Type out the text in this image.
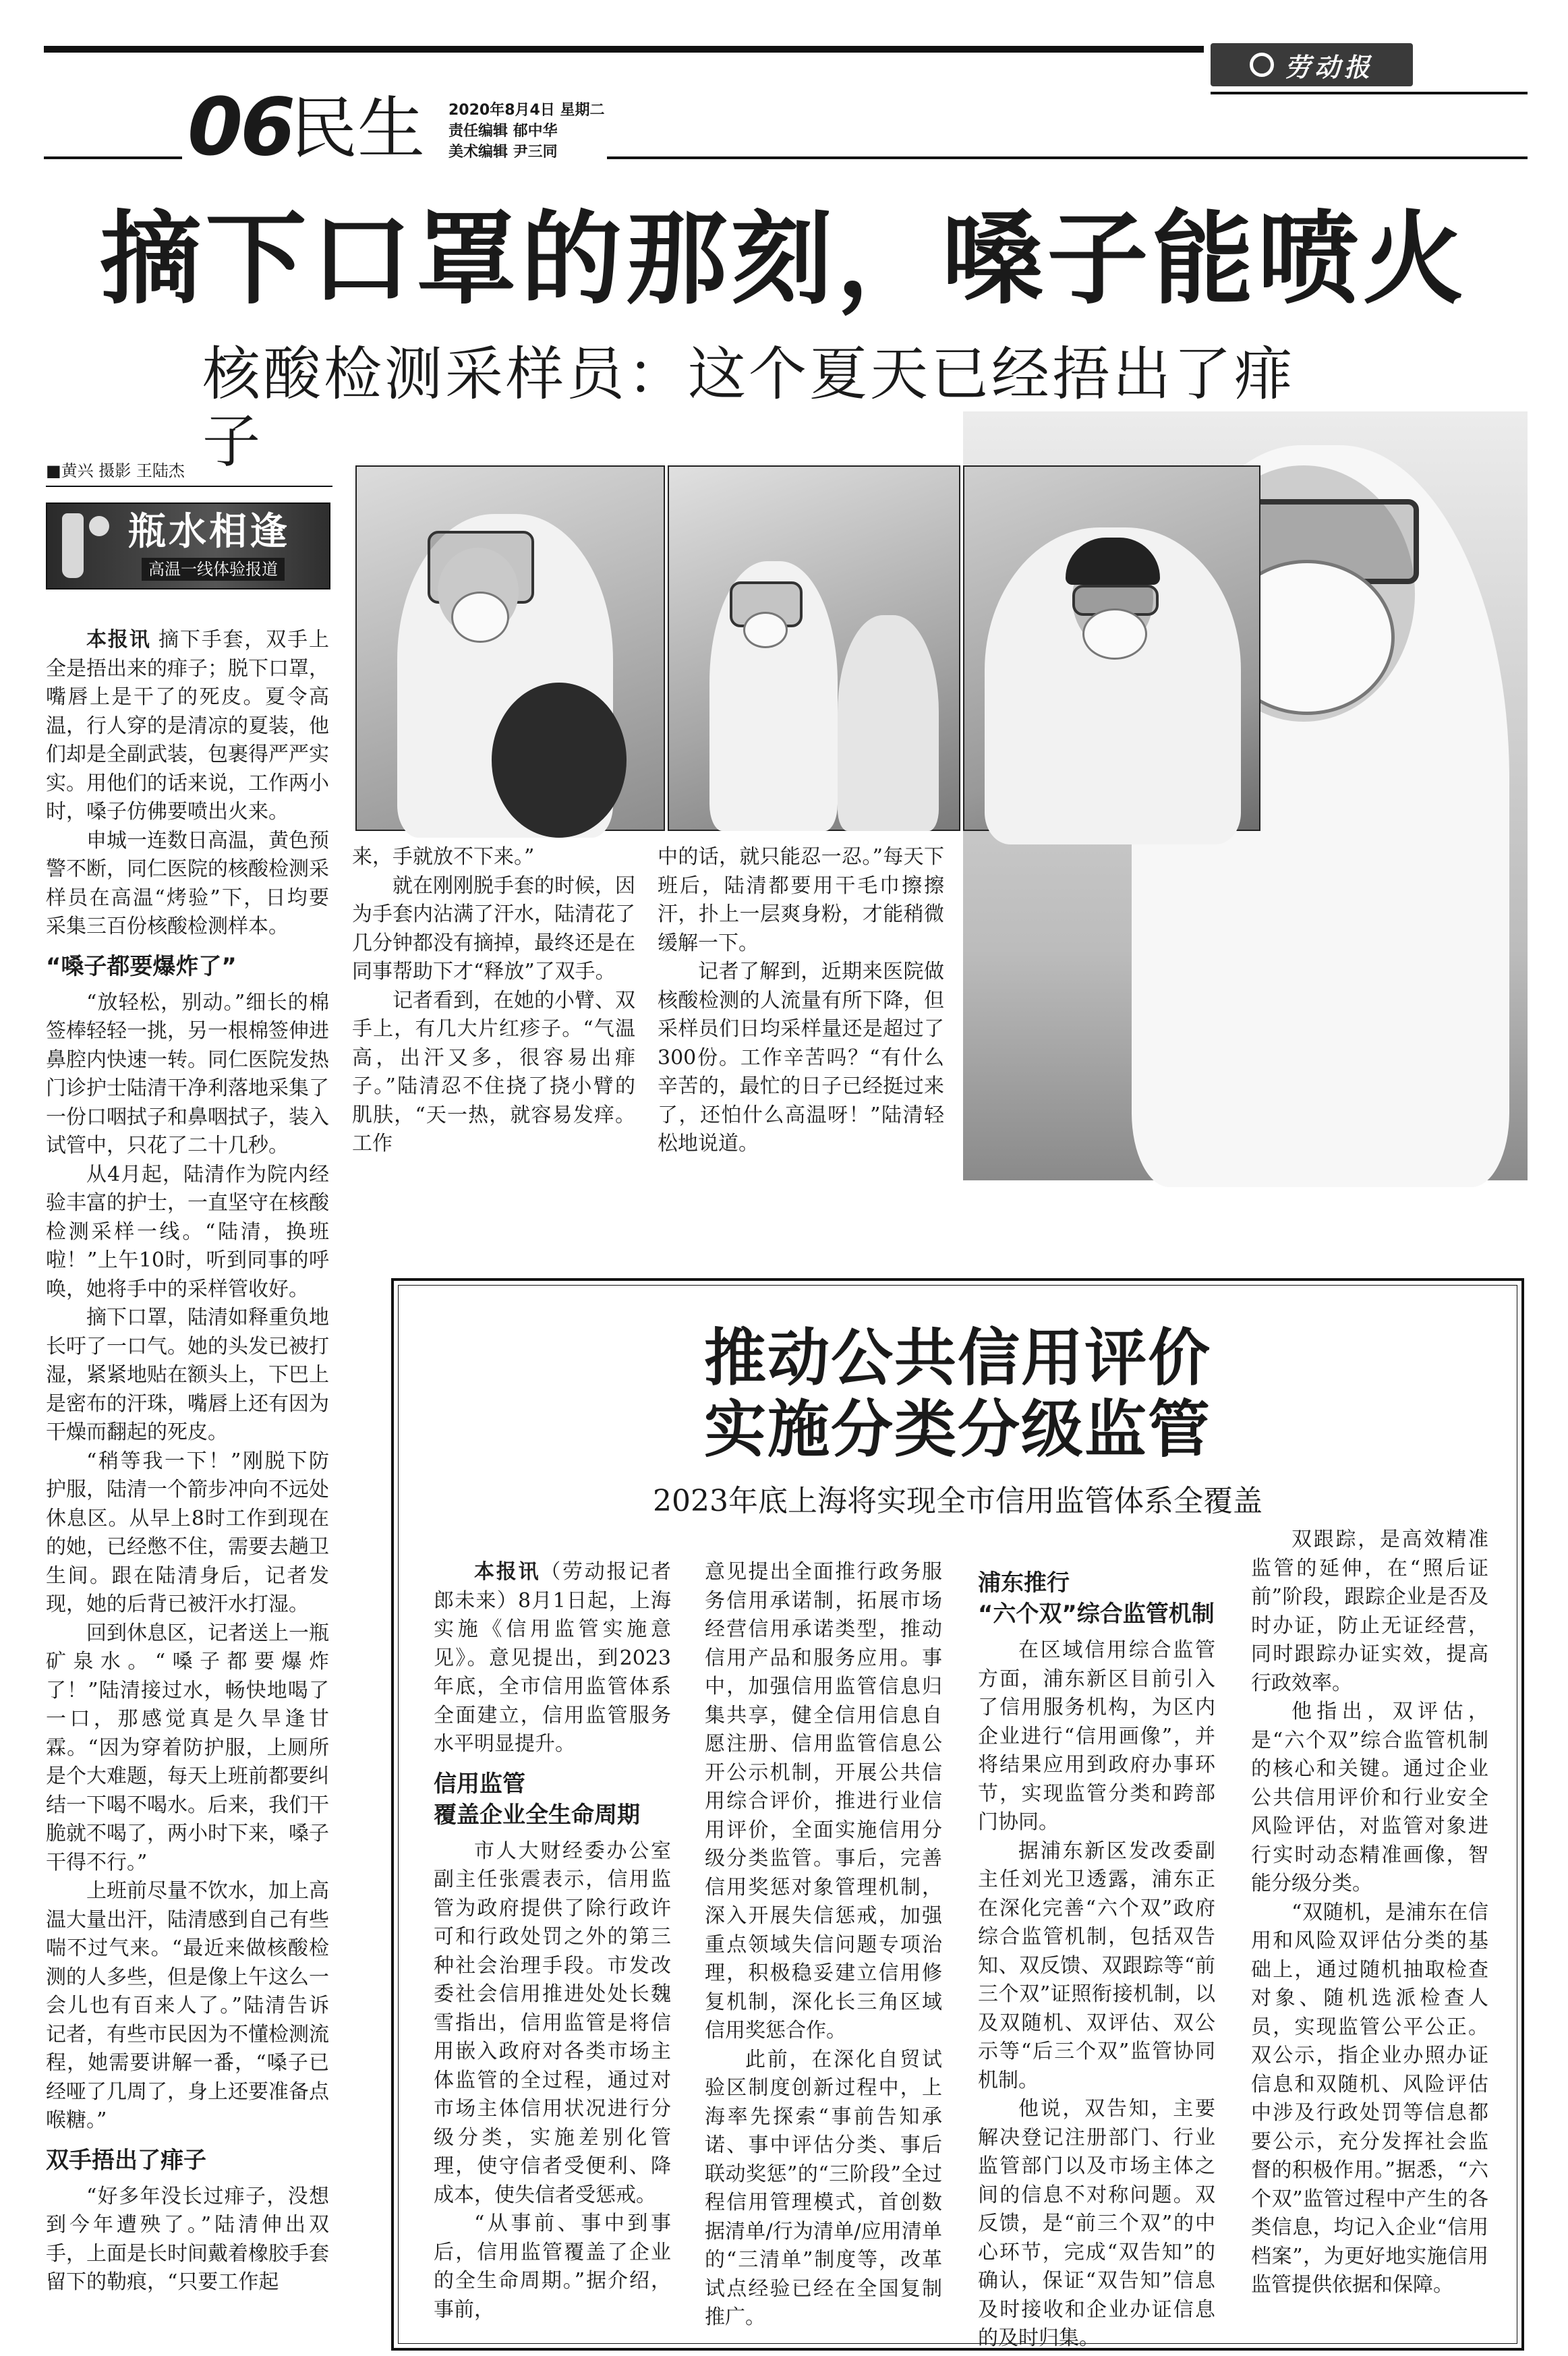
劳动报
06
民生 2020年8月4日 星期二
责任编辑 郁中华
美术编辑 尹三同
摘下口罩的那刻，嗓子能喷火
核酸检测采样员：这个夏天已经捂出了痱子
■黄兴 摄影 王陆杰
瓶水相逢
高温一线体验报道

本报讯 摘下手套，双手上全是捂出来的痱子；脱下口罩，嘴唇上是干了的死皮。夏令高温，行人穿的是清凉的夏装，他们却是全副武装，包裹得严严实实。用他们的话来说，工作两小时，嗓子仿佛要喷出火来。

申城一连数日高温，黄色预警不断，同仁医院的核酸检测采样员在高温“烤验”下，日均要采集三百份核酸检测样本。

“嗓子都要爆炸了”

“放轻松，别动。”细长的棉签棒轻轻一挑，另一根棉签伸进鼻腔内快速一转。同仁医院发热门诊护士陆清干净利落地采集了一份口咽拭子和鼻咽拭子，装入试管中，只花了二十几秒。

从4月起，陆清作为院内经验丰富的护士，一直坚守在核酸检测采样一线。“陆清，换班啦！”上午10时，听到同事的呼唤，她将手中的采样管收好。

摘下口罩，陆清如释重负地长吁了一口气。她的头发已被打湿，紧紧地贴在额头上，下巴上是密布的汗珠，嘴唇上还有因为干燥而翻起的死皮。

“稍等我一下！”刚脱下防护服，陆清一个箭步冲向不远处休息区。从早上8时工作到现在的她，已经憋不住，需要去趟卫生间。跟在陆清身后，记者发现，她的后背已被汗水打湿。

回到休息区，记者送上一瓶矿泉水。“嗓子都要爆炸了！”陆清接过水，畅快地喝了一口，那感觉真是久旱逢甘霖。“因为穿着防护服，上厕所是个大难题，每天上班前都要纠结一下喝不喝水。后来，我们干脆就不喝了，两小时下来，嗓子干得不行。”

上班前尽量不饮水，加上高温大量出汗，陆清感到自己有些喘不过气来。“最近来做核酸检测的人多些，但是像上午这么一会儿也有百来人了。”陆清告诉记者，有些市民因为不懂检测流程，她需要讲解一番，“嗓子已经哑了几周了，身上还要准备点喉糖。”

双手捂出了痱子

“好多年没长过痱子，没想到今年遭殃了。”陆清伸出双手，上面是长时间戴着橡胶手套留下的勒痕，“只要工作起

来，手就放不下来。”

就在刚刚脱手套的时候，因为手套内沾满了汗水，陆清花了几分钟都没有摘掉，最终还是在同事帮助下才“释放”了双手。

记者看到，在她的小臂、双手上，有几大片红疹子。“气温高，出汗又多，很容易出痱子。”陆清忍不住挠了挠小臂的肌肤，“天一热，就容易发痒。工作

中的话，就只能忍一忍。”每天下班后，陆清都要用干毛巾擦擦汗，扑上一层爽身粉，才能稍微缓解一下。

记者了解到，近期来医院做核酸检测的人流量有所下降，但采样员们日均采样量还是超过了300份。工作辛苦吗？“有什么辛苦的，最忙的日子已经挺过来了，还怕什么高温呀！”陆清轻松地说道。

推动公共信用评价
实施分类分级监管
2023年底上海将实现全市信用监管体系全覆盖

本报讯（劳动报记者 郎未来）8月1日起，上海实施《信用监管实施意见》。意见提出，到2023年底，全市信用监管体系全面建立，信用监管服务水平明显提升。

信用监管
覆盖企业全生命周期

市人大财经委办公室副主任张震表示，信用监管为政府提供了除行政许可和行政处罚之外的第三种社会治理手段。市发改委社会信用推进处处长魏雪指出，信用监管是将信用嵌入政府对各类市场主体监管的全过程，通过对市场主体信用状况进行分级分类，实施差别化管理，使守信者受便利、降成本，使失信者受惩戒。

“从事前、事中到事后，信用监管覆盖了企业的全生命周期。”据介绍，事前，

意见提出全面推行政务服务信用承诺制，拓展市场经营信用承诺类型，推动信用产品和服务应用。事中，加强信用监管信息归集共享，健全信用信息自愿注册、信用监管信息公开公示机制，开展公共信用综合评价，推进行业信用评价，全面实施信用分级分类监管。事后，完善信用奖惩对象管理机制，深入开展失信惩戒，加强重点领域失信问题专项治理，积极稳妥建立信用修复机制，深化长三角区域信用奖惩合作。

此前，在深化自贸试验区制度创新过程中，上海率先探索“事前告知承诺、事中评估分类、事后联动奖惩”的“三阶段”全过程信用管理模式，首创数据清单/行为清单/应用清单的“三清单”制度等，改革试点经验已经在全国复制推广。

浦东推行
“六个双”综合监管机制

在区域信用综合监管方面，浦东新区目前引入了信用服务机构，为区内企业进行“信用画像”，并将结果应用到政府办事环节，实现监管分类和跨部门协同。

据浦东新区发改委副主任刘光卫透露，浦东正在深化完善“六个双”政府综合监管机制，包括双告知、双反馈、双跟踪等“前三个双”证照衔接机制，以及双随机、双评估、双公示等“后三个双”监管协同机制。

他说，双告知，主要解决登记注册部门、行业监管部门以及市场主体之间的信息不对称问题。双反馈，是“前三个双”的中心环节，完成“双告知”的确认，保证“双告知”信息及时接收和企业办证信息的及时归集。

双跟踪，是高效精准监管的延伸，在“照后证前”阶段，跟踪企业是否及时办证，防止无证经营，同时跟踪办证实效，提高行政效率。

他指出，双评估，是“六个双”综合监管机制的核心和关键。通过企业公共信用评价和行业安全风险评估，对监管对象进行实时动态精准画像，智能分级分类。

“双随机，是浦东在信用和风险双评估分类的基础上，通过随机抽取检查对象、随机选派检查人员，实现监管公平公正。双公示，指企业办照办证信息和双随机、风险评估中涉及行政处罚等信息都要公示，充分发挥社会监督的积极作用。”据悉，“六个双”监管过程中产生的各类信息，均记入企业“信用档案”，为更好地实施信用监管提供依据和保障。
